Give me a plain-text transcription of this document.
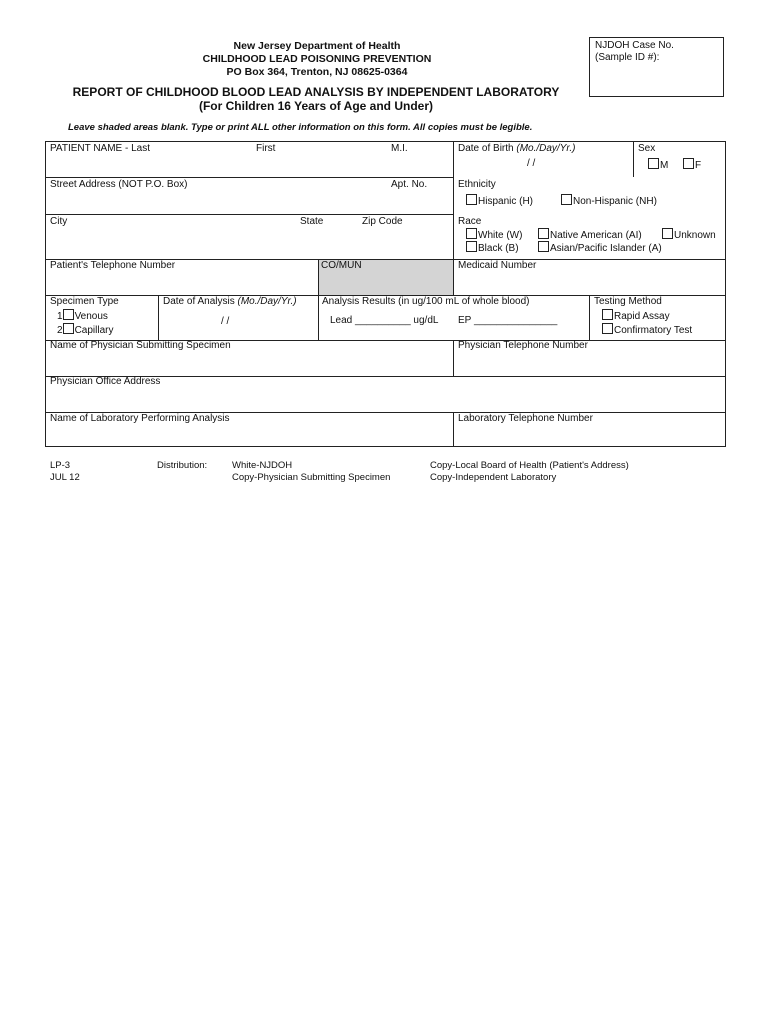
New Jersey Department of Health
CHILDHOOD LEAD POISONING PREVENTION
PO Box 364, Trenton, NJ 08625-0364
NJDOH Case No.
(Sample ID #):
REPORT OF CHILDHOOD BLOOD LEAD ANALYSIS BY INDEPENDENT LABORATORY
(For Children 16 Years of Age and Under)
Leave shaded areas blank. Type or print ALL other information on this form. All copies must be legible.
PATIENT NAME - Last	First	M.I.	Date of Birth (Mo./Day/Yr.)
/ /
Sex
M	F
Street Address (NOT P.O. Box)	Apt. No.	Ethnicity
Hispanic (H)	Non-Hispanic (NH)
City	State	Zip Code	Race
White (W)	Native American (AI)	Unknown
Black (B)	Asian/Pacific Islander (A)
Patient's Telephone Number	CO/MUN	Medicaid Number
Specimen Type
1 Venous
2 Capillary
Date of Analysis (Mo./Day/Yr.)
/ /
Analysis Results (in ug/100 mL of whole blood)
Lead __________ ug/dL EP _______________
Testing Method
Rapid Assay
Confirmatory Test
Name of Physician Submitting Specimen	Physician Telephone Number
Physician Office Address
Name of Laboratory Performing Analysis	Laboratory Telephone Number
LP-3
JUL 12
Distribution:	White-NJDOH
Copy-Physician Submitting Specimen
Copy-Local Board of Health (Patient's Address)
Copy-Independent Laboratory
